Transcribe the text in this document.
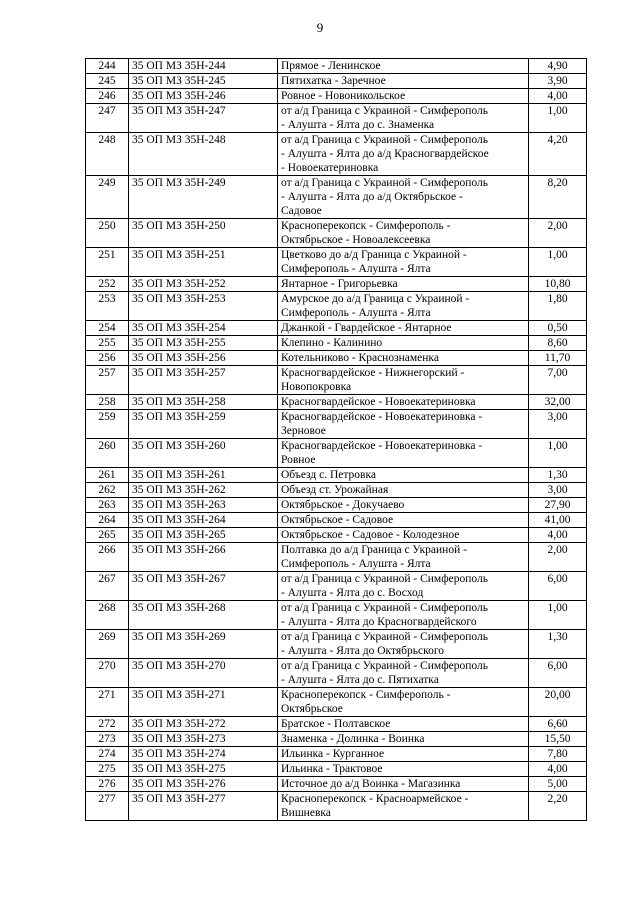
9
244	35 ОП МЗ 35Н-244	Прямое - Ленинское	4,90
245	35 ОП МЗ 35Н-245	Пятихатка - Заречное	3,90
246	35 ОП МЗ 35Н-246	Ровное - Новоникольское	4,00
247	35 ОП МЗ 35Н-247	от а/д Граница с Украиной - Симферополь
- Алушта - Ялта до с. Знаменка	1,00
248	35 ОП МЗ 35Н-248	от а/д Граница с Украиной - Симферополь
- Алушта - Ялта до а/д Красногвардейское
- Новоекатериновка	4,20
249	35 ОП МЗ 35Н-249	от а/д Граница с Украиной - Симферополь
- Алушта - Ялта до а/д Октябрьское -
Садовое	8,20
250	35 ОП МЗ 35Н-250	Красноперекопск - Симферополь -
Октябрьское - Новоалексеевка	2,00
251	35 ОП МЗ 35Н-251	Цветково до а/д Граница с Украиной -
Симферополь - Алушта - Ялта	1,00
252	35 ОП МЗ 35Н-252	Янтарное - Григорьевка	10,80
253	35 ОП МЗ 35Н-253	Амурское до а/д Граница с Украиной -
Симферополь - Алушта - Ялта	1,80
254	35 ОП МЗ 35Н-254	Джанкой - Гвардейское - Янтарное	0,50
255	35 ОП МЗ 35Н-255	Клепино - Калинино	8,60
256	35 ОП МЗ 35Н-256	Котельниково - Краснознаменка	11,70
257	35 ОП МЗ 35Н-257	Красногвардейское - Нижнегорский -
Новопокровка	7,00
258	35 ОП МЗ 35Н-258	Красногвардейское - Новоекатериновка	32,00
259	35 ОП МЗ 35Н-259	Красногвардейское - Новоекатериновка -
Зерновое	3,00
260	35 ОП МЗ 35Н-260	Красногвардейское - Новоекатериновка -
Ровное	1,00
261	35 ОП МЗ 35Н-261	Объезд с. Петровка	1,30
262	35 ОП МЗ 35Н-262	Объезд ст. Урожайная	3,00
263	35 ОП МЗ 35Н-263	Октябрьское - Докучаево	27,90
264	35 ОП МЗ 35Н-264	Октябрьское - Садовое	41,00
265	35 ОП МЗ 35Н-265	Октябрьское - Садовое - Колодезное	4,00
266	35 ОП МЗ 35Н-266	Полтавка до а/д Граница с Украиной -
Симферополь - Алушта - Ялта	2,00
267	35 ОП МЗ 35Н-267	от а/д Граница с Украиной - Симферополь
- Алушта - Ялта до с. Восход	6,00
268	35 ОП МЗ 35Н-268	от а/д Граница с Украиной - Симферополь
- Алушта - Ялта до Красногвардейского	1,00
269	35 ОП МЗ 35Н-269	от а/д Граница с Украиной - Симферополь
- Алушта - Ялта до Октябрьского	1,30
270	35 ОП МЗ 35Н-270	от а/д Граница с Украиной - Симферополь
- Алушта - Ялта до с. Пятихатка	6,00
271	35 ОП МЗ 35Н-271	Красноперекопск - Симферополь -
Октябрьское	20,00
272	35 ОП МЗ 35Н-272	Братское - Полтавское	6,60
273	35 ОП МЗ 35Н-273	Знаменка - Долинка - Воинка	15,50
274	35 ОП МЗ 35Н-274	Ильинка - Курганное	7,80
275	35 ОП МЗ 35Н-275	Ильинка - Трактовое	4,00
276	35 ОП МЗ 35Н-276	Источное до а/д Воинка - Магазинка	5,00
277	35 ОП МЗ 35Н-277	Красноперекопск - Красноармейское -
Вишневка	2,20
